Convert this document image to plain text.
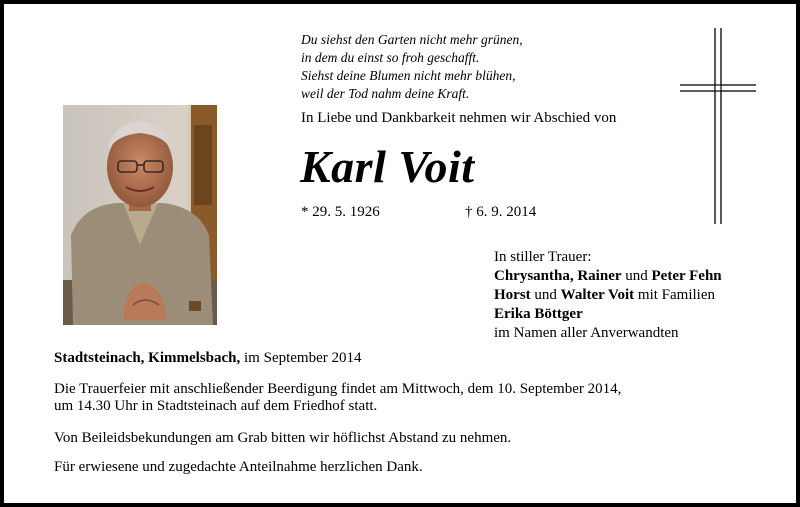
Du siehst den Garten nicht mehr grünen,
in dem du einst so froh geschafft.
Siehst deine Blumen nicht mehr blühen,
weil der Tod nahm deine Kraft.
In Liebe und Dankbarkeit nehmen wir Abschied von
Karl Voit
* 29. 5. 1926	† 6. 9. 2014
In stiller Trauer:
Chrysantha, Rainer und Peter Fehn
Horst und Walter Voit mit Familien
Erika Böttger
im Namen aller Anverwandten
Stadtsteinach, Kimmelsbach, im September 2014
Die Trauerfeier mit anschließender Beerdigung findet am Mittwoch, dem 10. September 2014,
um 14.30 Uhr in Stadtsteinach auf dem Friedhof statt.
Von Beileidsbekundungen am Grab bitten wir höflichst Abstand zu nehmen.
Für erwiesene und zugedachte Anteilnahme herzlichen Dank.
